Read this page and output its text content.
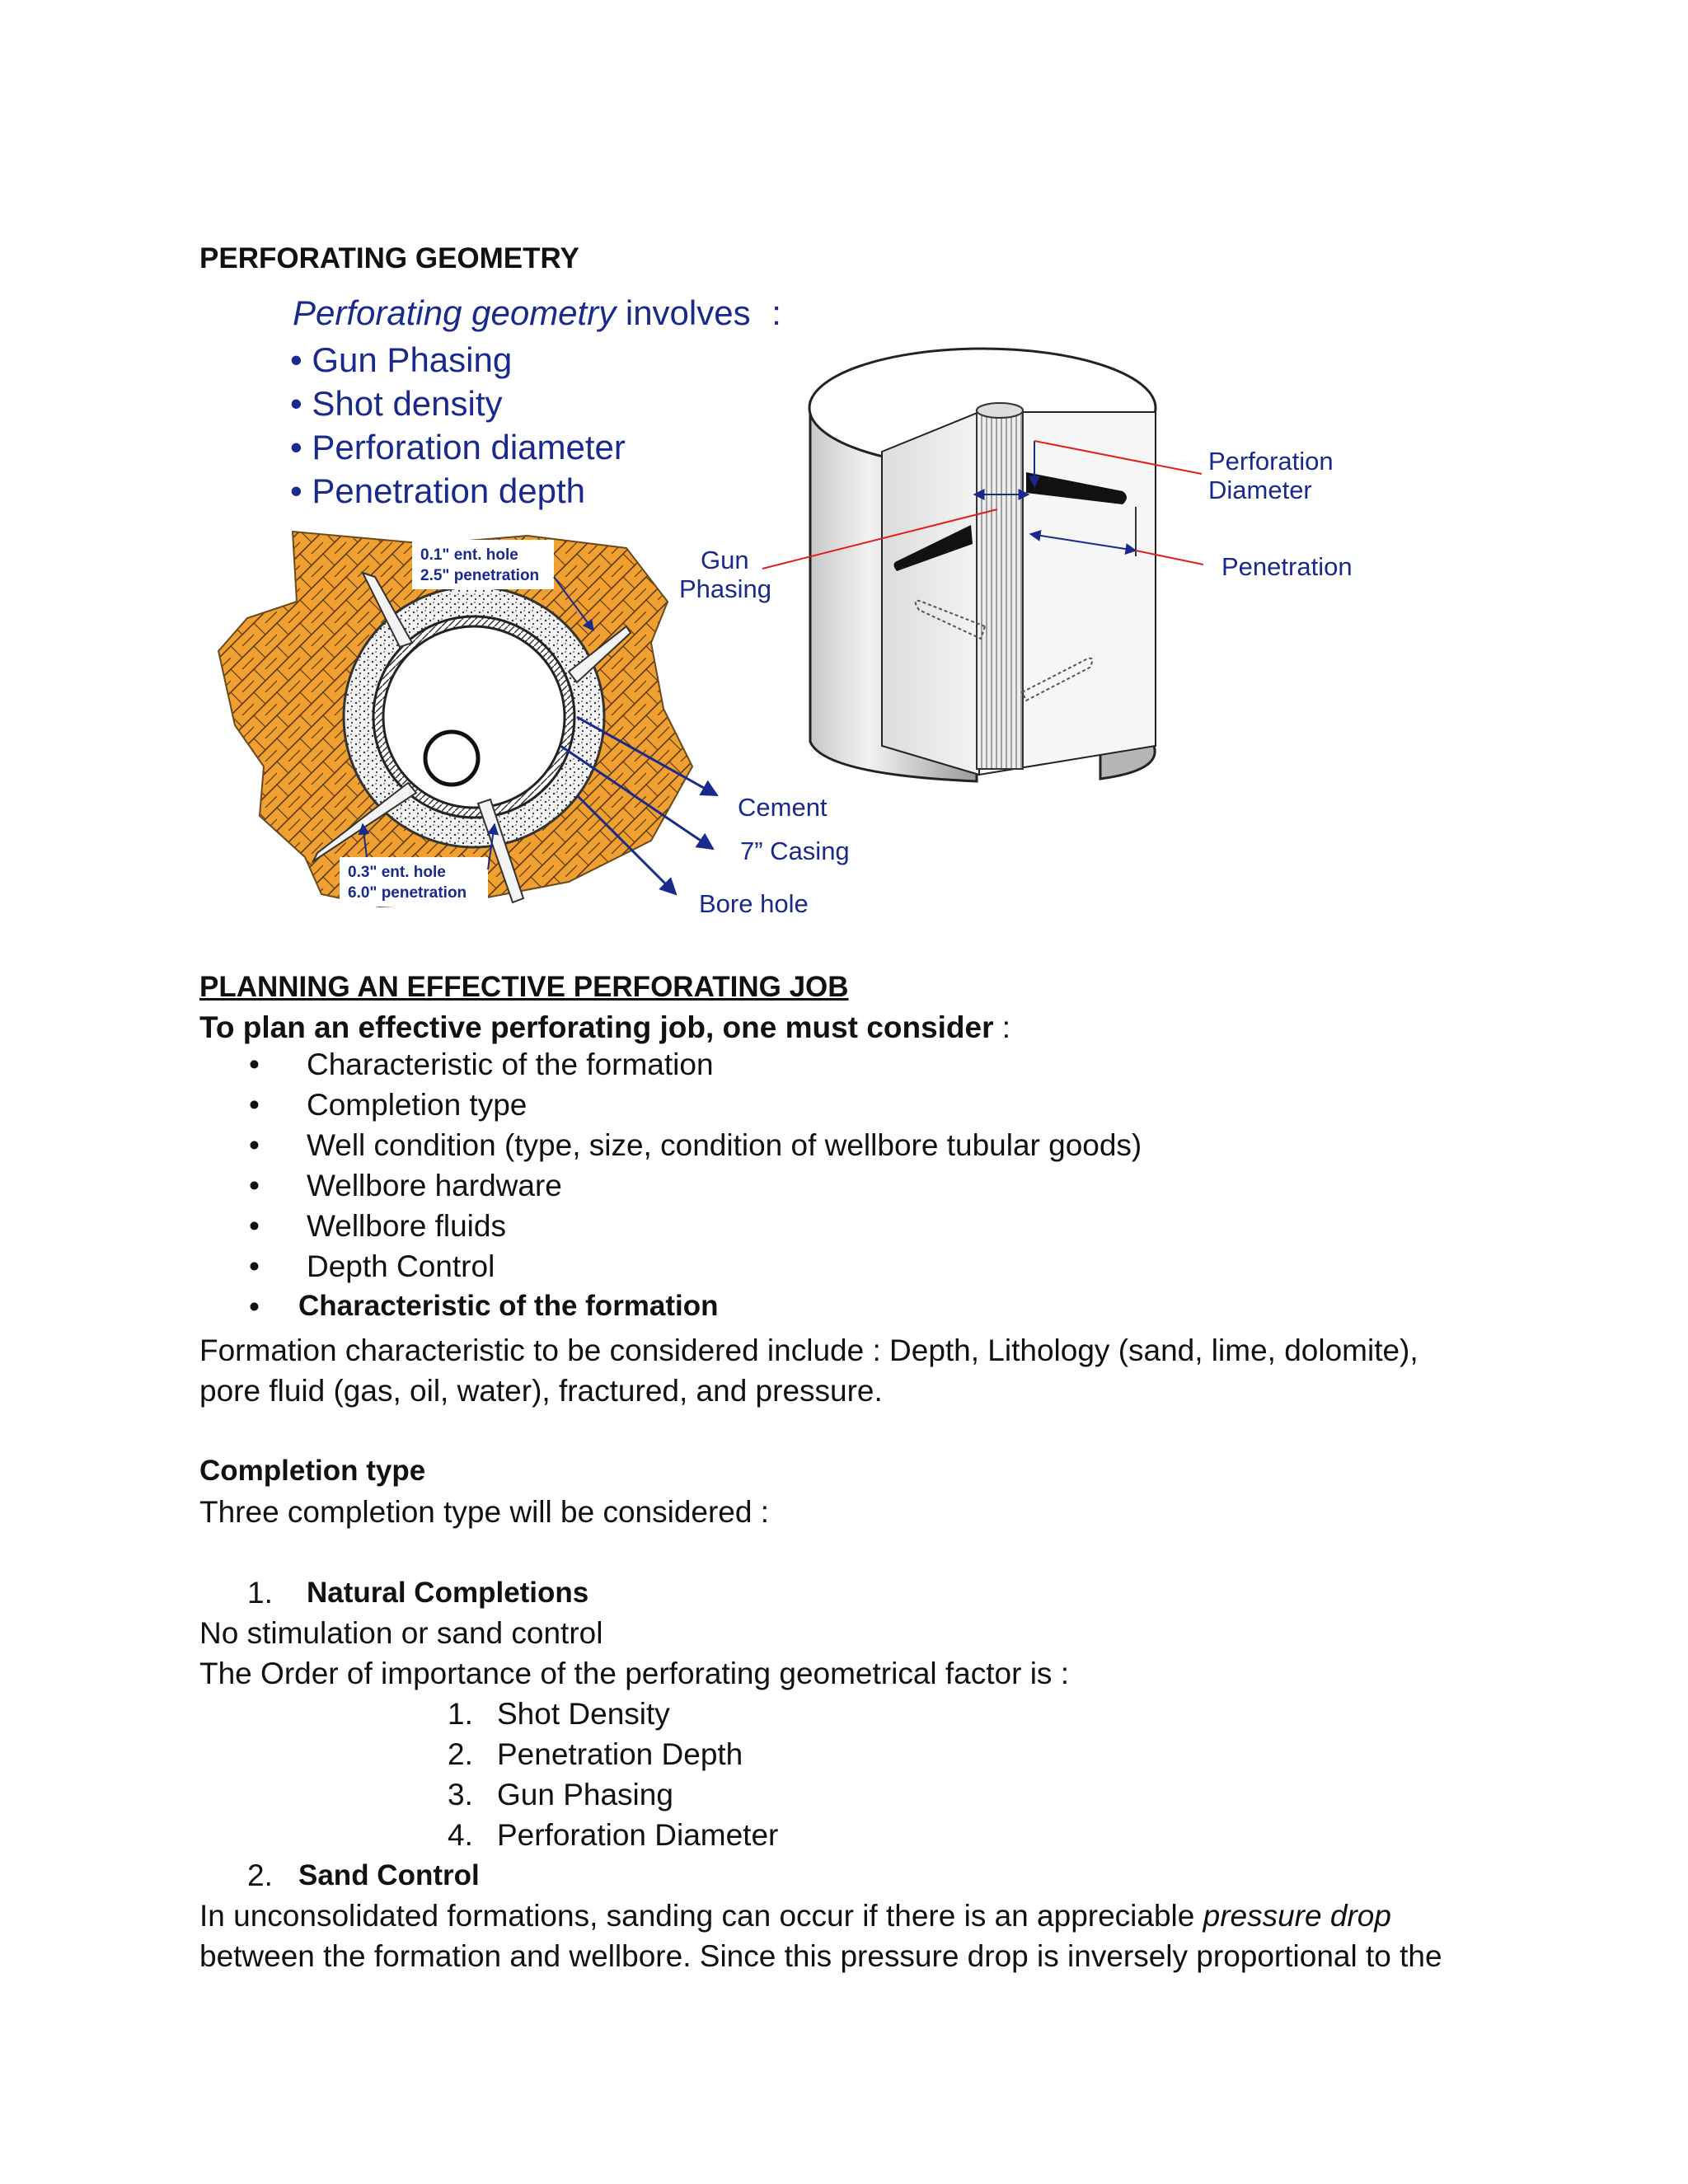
PERFORATING GEOMETRY
Perforating geometry involves :
• Gun Phasing
• Shot density
• Perforation diameter
• Penetration depth
0.1" ent. hole
2.5" penetration
0.3" ent. hole
6.0" penetration
Cement
7” Casing
Bore hole
Gun
Phasing
Perforation
Diameter
Penetration
PLANNING AN EFFECTIVE PERFORATING JOB
To plan an effective perforating job, one must consider :
• Characteristic of the formation
• Completion type
• Well condition (type, size, condition of wellbore tubular goods)
• Wellbore hardware
• Wellbore fluids
• Depth Control
• Characteristic of the formation
Formation characteristic to be considered include : Depth, Lithology (sand, lime, dolomite),
pore fluid (gas, oil, water), fractured, and pressure.
Completion type
Three completion type will be considered :
1. Natural Completions
No stimulation or sand control
The Order of importance of the perforating geometrical factor is :
1. Shot Density
2. Penetration Depth
3. Gun Phasing
4. Perforation Diameter
2. Sand Control
In unconsolidated formations, sanding can occur if there is an appreciable pressure drop
between the formation and wellbore. Since this pressure drop is inversely proportional to the
